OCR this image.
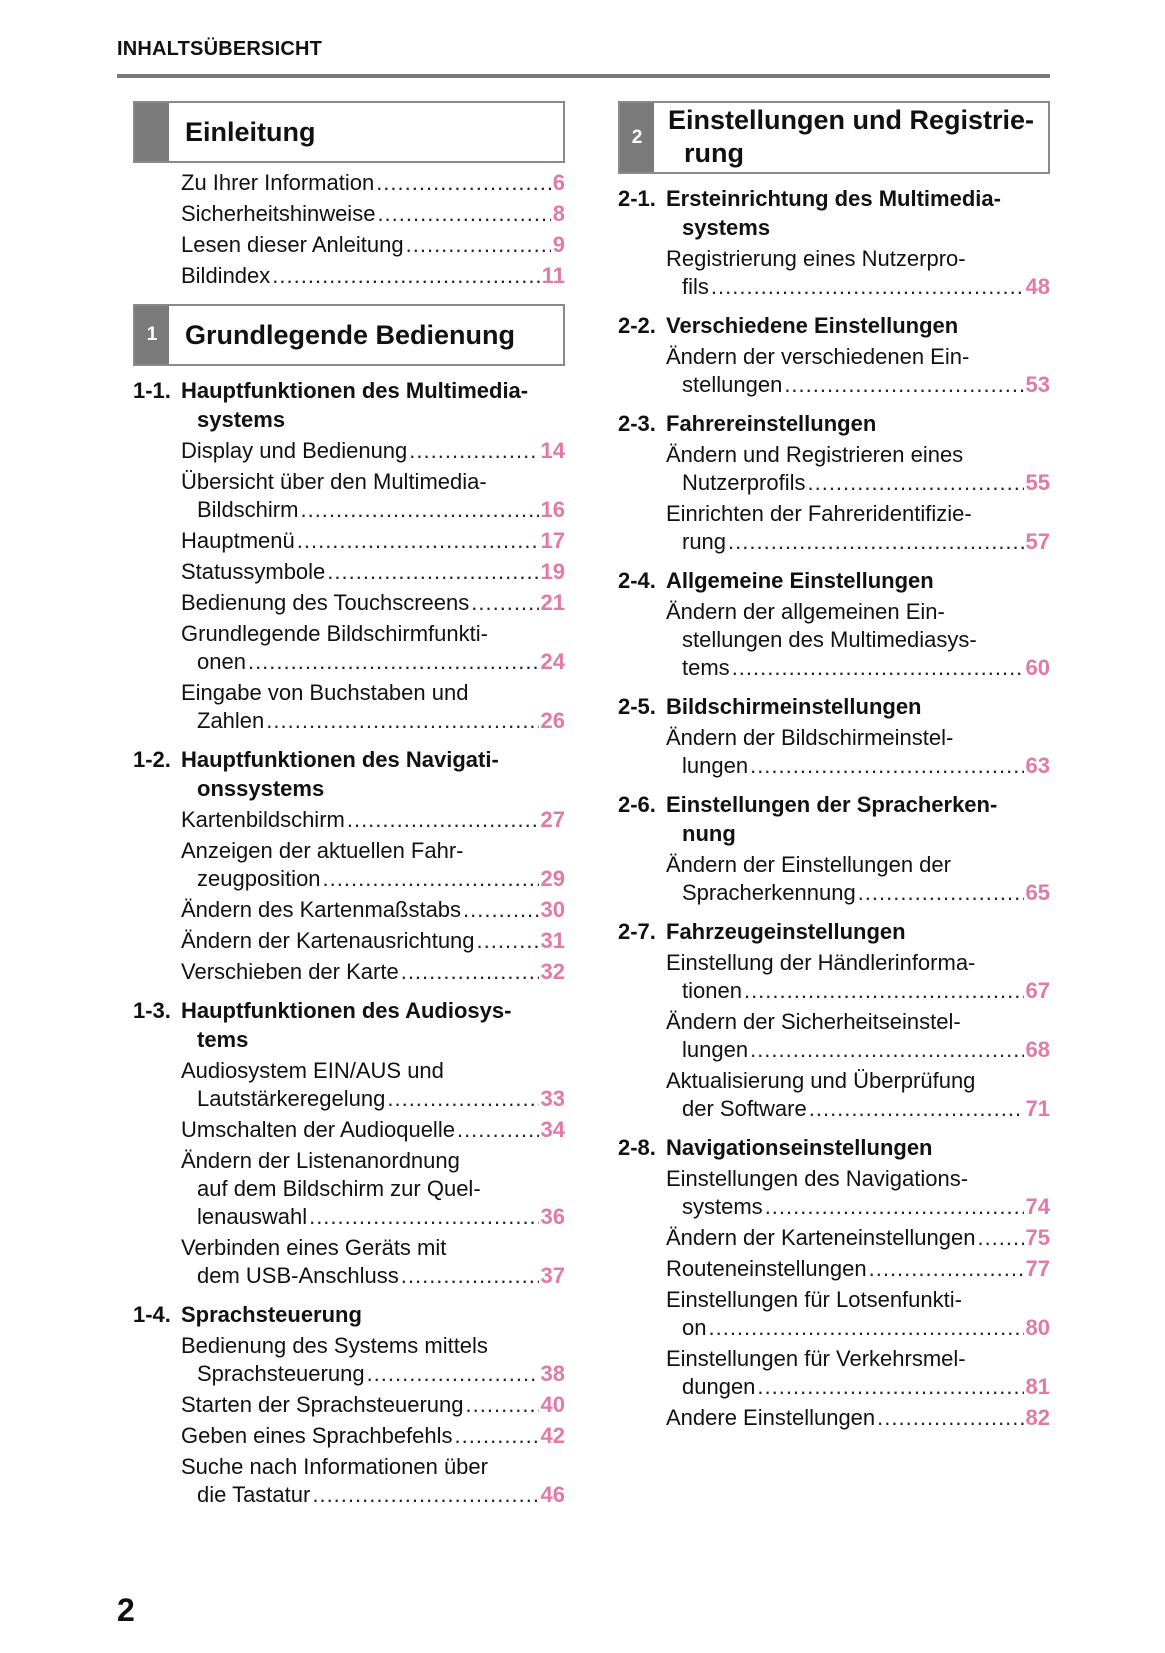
INHALTSÜBERSICHT
Einleitung
Zu Ihrer Information .....	6
Sicherheitshinweise .....	8
Lesen dieser Anleitung .....	9
Bildindex .....	11
1	Grundlegende Bedienung
1-1. Hauptfunktionen des Multimedia-
systems
Display und Bedienung .....	14
Übersicht über den Multimedia-
Bildschirm .....	16
Hauptmenü .....	17
Statussymbole .....	19
Bedienung des Touchscreens .....	21
Grundlegende Bildschirmfunkti-
onen .....	24
Eingabe von Buchstaben und
Zahlen .....	26
1-2. Hauptfunktionen des Navigati-
onssystems
Kartenbildschirm .....	27
Anzeigen der aktuellen Fahr-
zeugposition .....	29
Ändern des Kartenmaßstabs .....	30
Ändern der Kartenausrichtung .....	31
Verschieben der Karte .....	32
1-3. Hauptfunktionen des Audiosys-
tems
Audiosystem EIN/AUS und
Lautstärkeregelung .....	33
Umschalten der Audioquelle .....	34
Ändern der Listenanordnung
auf dem Bildschirm zur Quel-
lenauswahl .....	36
Verbinden eines Geräts mit
dem USB-Anschluss .....	37
1-4. Sprachsteuerung
Bedienung des Systems mittels
Sprachsteuerung .....	38
Starten der Sprachsteuerung .....	40
Geben eines Sprachbefehls .....	42
Suche nach Informationen über
die Tastatur .....	46
2
Einstellungen und Registrie-
rung
2-1. Ersteinrichtung des Multimedia-
systems
Registrierung eines Nutzerpro-
fils .....	48
2-2. Verschiedene Einstellungen
Ändern der verschiedenen Ein-
stellungen .....	53
2-3. Fahrereinstellungen
Ändern und Registrieren eines
Nutzerprofils .....	55
Einrichten der Fahreridentifizie-
rung .....	57
2-4. Allgemeine Einstellungen
Ändern der allgemeinen Ein-
stellungen des Multimediasys-
tems .....	60
2-5. Bildschirmeinstellungen
Ändern der Bildschirmeinstel-
lungen .....	63
2-6. Einstellungen der Spracherken-
nung
Ändern der Einstellungen der
Spracherkennung .....	65
2-7. Fahrzeugeinstellungen
Einstellung der Händlerinforma-
tionen .....	67
Ändern der Sicherheitseinstel-
lungen .....	68
Aktualisierung und Überprüfung
der Software .....	71
2-8. Navigationseinstellungen
Einstellungen des Navigations-
systems .....	74
Ändern der Karteneinstellungen ..... 75
Routeneinstellungen .....	77
Einstellungen für Lotsenfunkti-
on .....	80
Einstellungen für Verkehrsmel-
dungen .....	81
Andere Einstellungen .....	82
2
